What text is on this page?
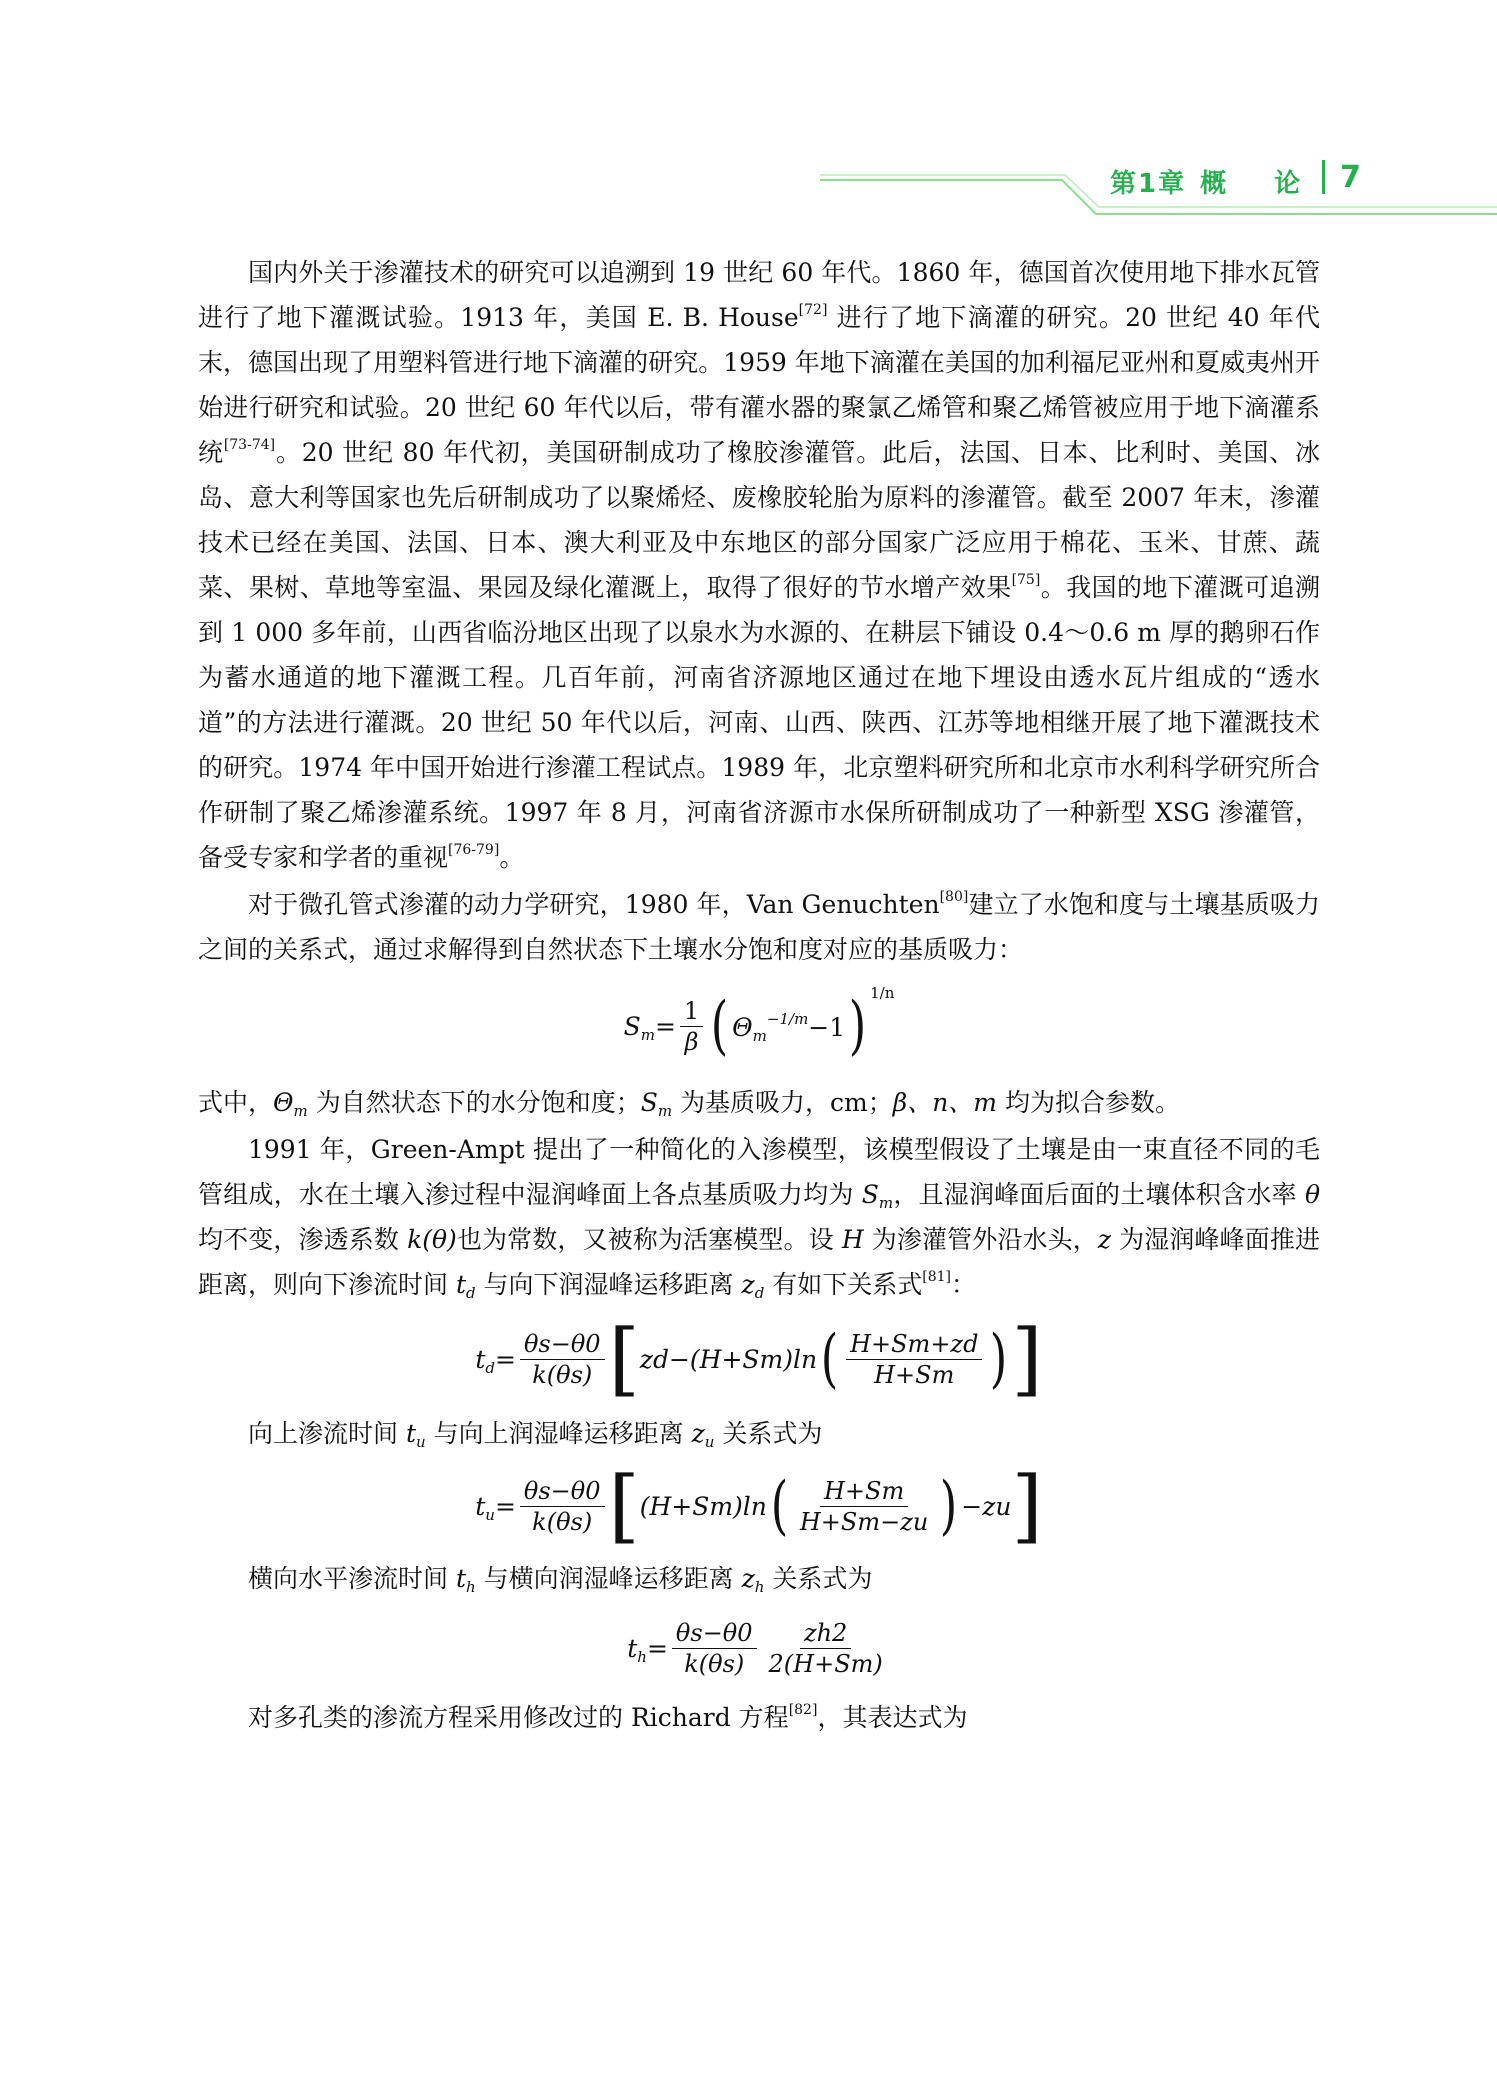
第1章 概 论 7

国内外关于渗灌技术的研究可以追溯到 19 世纪 60 年代。1860 年，德国首次使用地下排水瓦管进行了地下灌溉试验。1913 年，美国 E. B. House[72] 进行了地下滴灌的研究。20 世纪 40 年代末，德国出现了用塑料管进行地下滴灌的研究。1959 年地下滴灌在美国的加利福尼亚州和夏威夷州开始进行研究和试验。20 世纪 60 年代以后，带有灌水器的聚氯乙烯管和聚乙烯管被应用于地下滴灌系统[73-74]。20 世纪 80 年代初，美国研制成功了橡胶渗灌管。此后，法国、日本、比利时、美国、冰岛、意大利等国家也先后研制成功了以聚烯烃、废橡胶轮胎为原料的渗灌管。截至 2007 年末，渗灌技术已经在美国、法国、日本、澳大利亚及中东地区的部分国家广泛应用于棉花、玉米、甘蔗、蔬菜、果树、草地等室温、果园及绿化灌溉上，取得了很好的节水增产效果[75]。我国的地下灌溉可追溯到 1 000 多年前，山西省临汾地区出现了以泉水为水源的、在耕层下铺设 0.4～0.6 m 厚的鹅卵石作为蓄水通道的地下灌溉工程。几百年前，河南省济源地区通过在地下埋设由透水瓦片组成的“透水道”的方法进行灌溉。20 世纪 50 年代以后，河南、山西、陕西、江苏等地相继开展了地下灌溉技术的研究。1974 年中国开始进行渗灌工程试点。1989 年，北京塑料研究所和北京市水利科学研究所合作研制了聚乙烯渗灌系统。1997 年 8 月，河南省济源市水保所研制成功了一种新型 XSG 渗灌管，备受专家和学者的重视[76-79]。

对于微孔管式渗灌的动力学研究，1980 年，Van Genuchten[80]建立了水饱和度与土壤基质吸力之间的关系式，通过求解得到自然状态下土壤水分饱和度对应的基质吸力：

$S_m= \frac{1}{\beta}$ ( $\Theta_m^{-1/m}-1$ ) 1/n

式中，$\Theta_m$ 为自然状态下的水分饱和度；$S_m$ 为基质吸力，cm；β、n、m 均为拟合参数。

1991 年，Green-Ampt 提出了一种简化的入渗模型，该模型假设了土壤是由一束直径不同的毛管组成，水在土壤入渗过程中湿润峰面上各点基质吸力均为 $S_m$，且湿润峰面后面的土壤体积含水率 θ 均不变，渗透系数 k(θ)也为常数，又被称为活塞模型。设 H 为渗灌管外沿水头，z 为湿润峰峰面推进距离，则向下渗流时间 $t_d$ 与向下润湿峰运移距离 $z_d$ 有如下关系式[81]：

$t_d= \frac{\theta s-\theta 0}{k(\theta s)}$ [ zd−(H+Sm)ln ( $\frac{H+Sm+zd}{H+Sm}$ ) ]

向上渗流时间 $t_u$ 与向上润湿峰运移距离 $z_u$ 关系式为

$t_u= \frac{\theta s-\theta 0}{k(\theta s)}$ [ (H+Sm)ln ( $\frac{H+Sm}{H+Sm-zu}$ ) −zu ]

横向水平渗流时间 $t_h$ 与横向润湿峰运移距离 $z_h$ 关系式为

$t_h= \frac{\theta s-\theta 0}{k(\theta s)} \frac{zh2}{2(H+Sm)}$

对多孔类的渗流方程采用修改过的 Richard 方程[82]，其表达式为
